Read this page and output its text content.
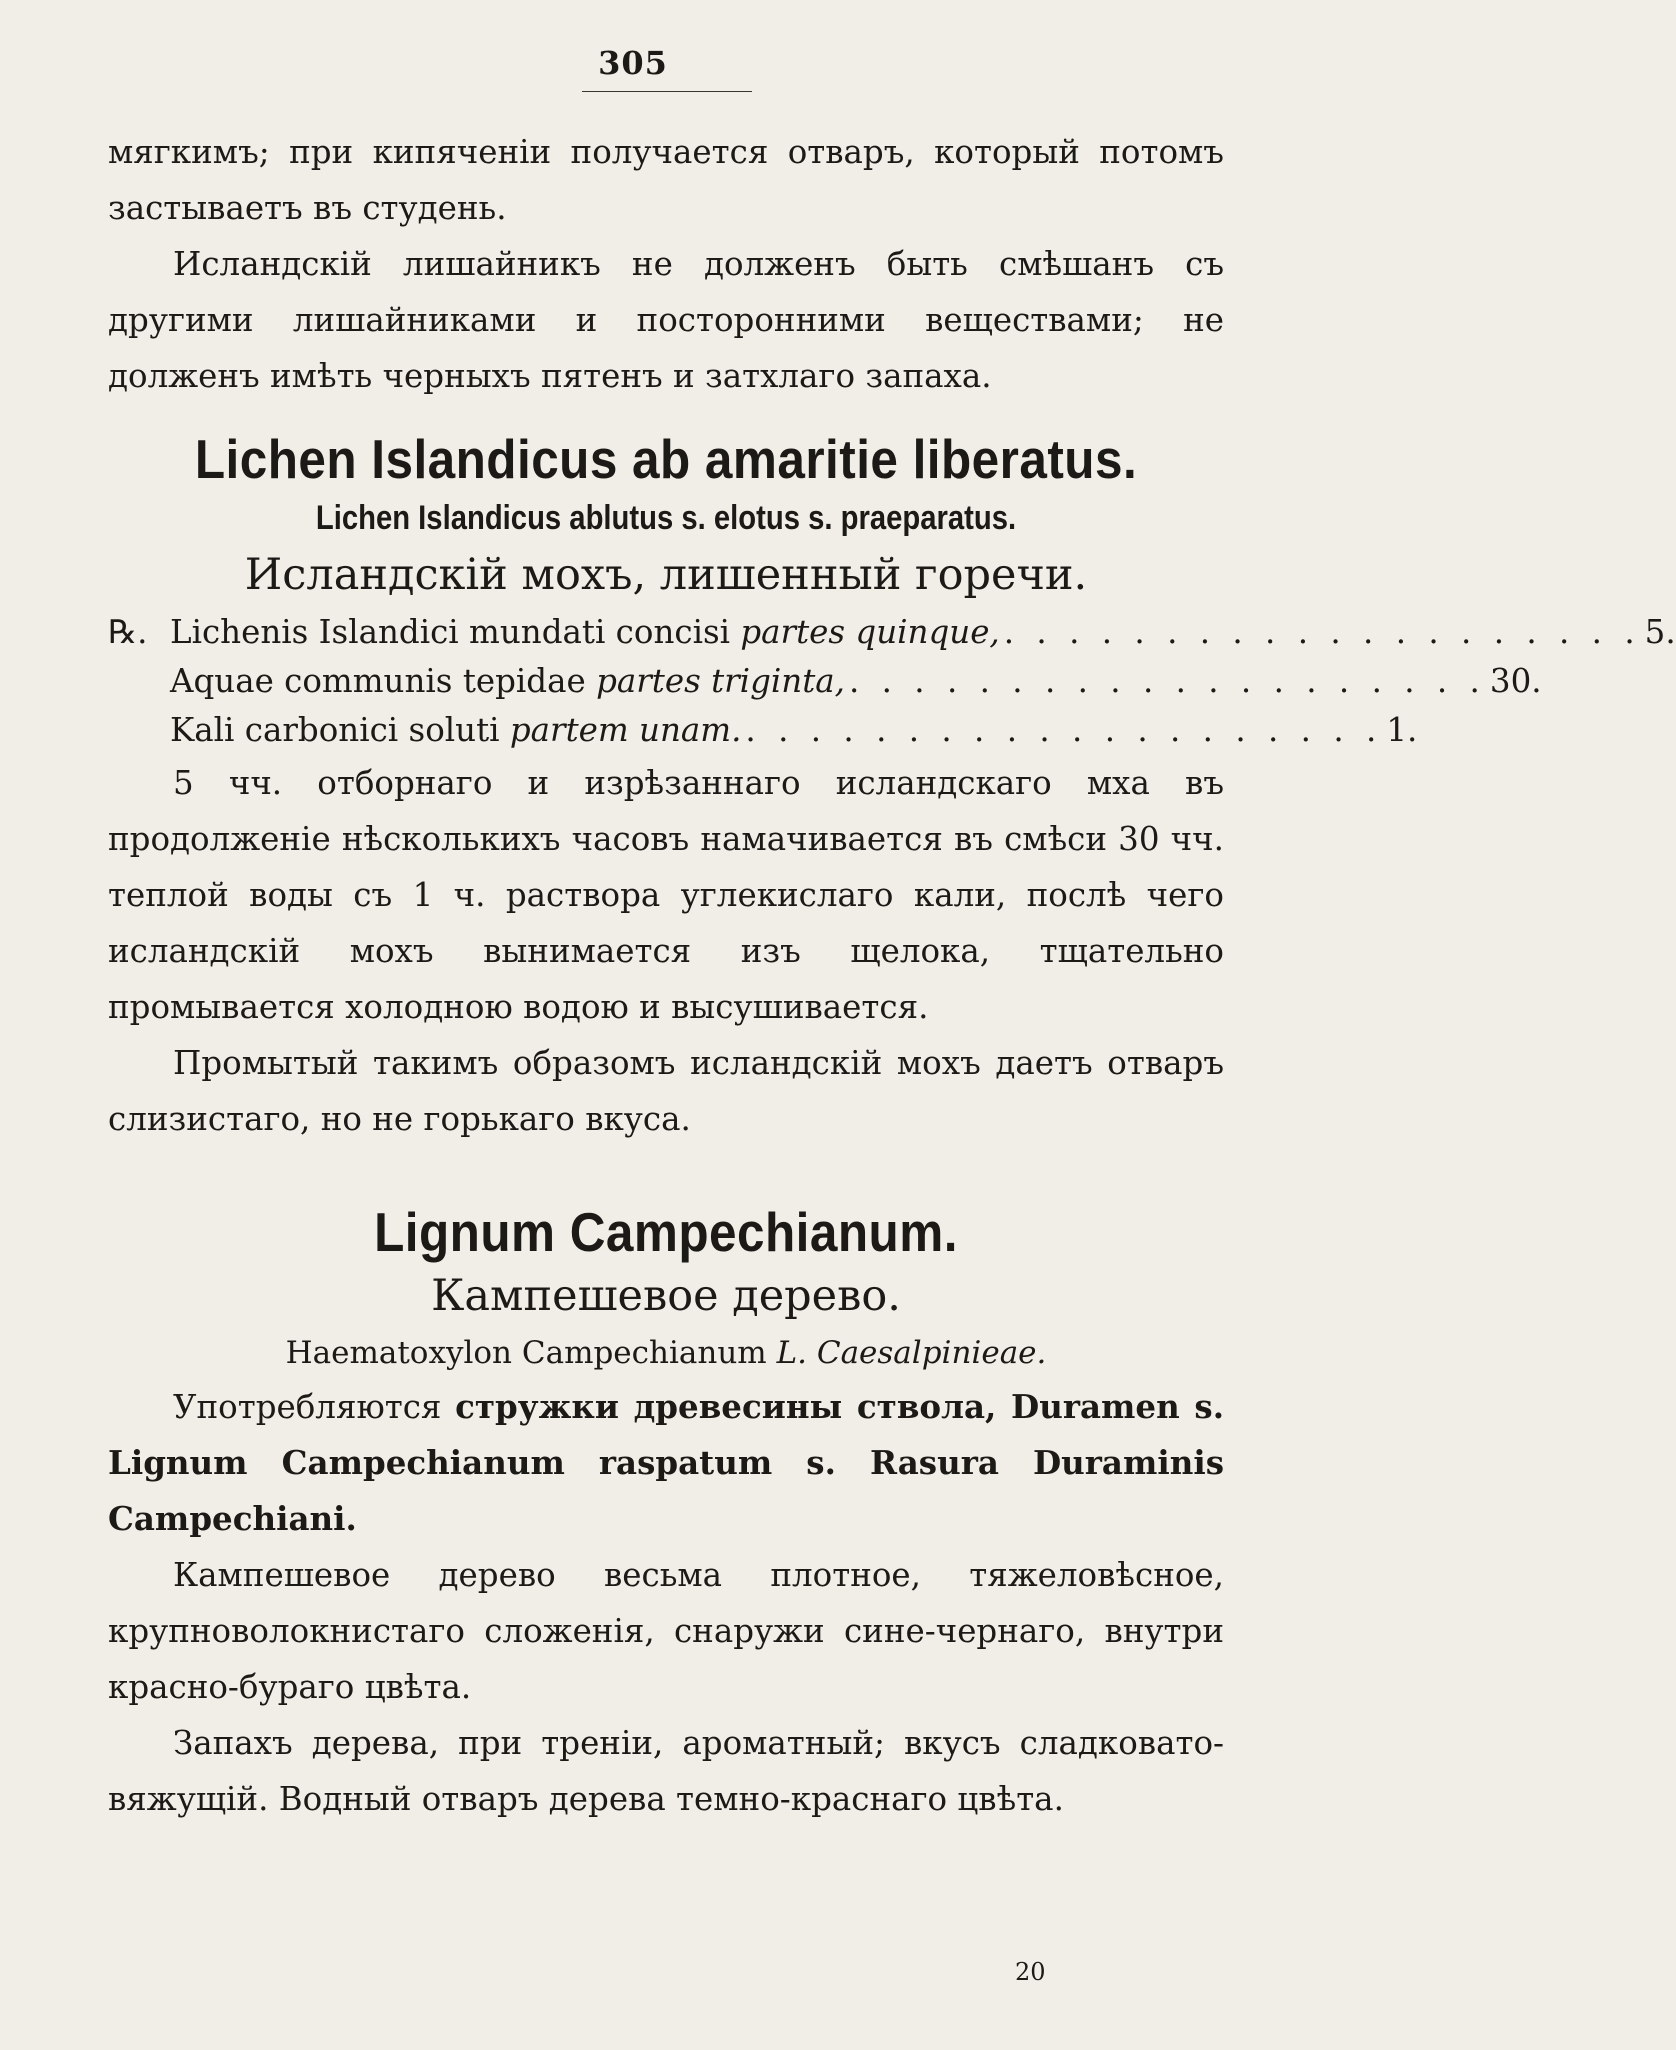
305

мягкимъ; при кипяченіи получается отваръ, который потомъ застываетъ въ студень.

Исландскій лишайникъ не долженъ быть смѣшанъ съ другими лишайниками и посторонними веществами; не долженъ имѣть черныхъ пятенъ и затхлаго запаха.

Lichen Islandicus ab amaritie liberatus.
Lichen Islandicus ablutus s. elotus s. praeparatus.
Исландскій мохъ, лишенный горечи.
℞. Lichenis Islandici mundati concisi partes quinque, . . . . . . . . . . . . . . . . . . . . 5.
Aquae communis tepidae partes triginta, . . . . . . . . . . . . . . . . . . . . 30.
Kali carbonici soluti partem unam. . . . . . . . . . . . . . . . . . . . . 1.

5 чч. отборнаго и изрѣзаннаго исландскаго мха въ продолженіе нѣсколькихъ часовъ намачивается въ смѣси 30 чч. теплой воды съ 1 ч. раствора углекислаго кали, послѣ чего исландскій мохъ вынимается изъ щелока, тщательно промывается холодною водою и высушивается.

Промытый такимъ образомъ исландскій мохъ даетъ отваръ слизистаго, но не горькаго вкуса.

Lignum Campechianum.
Кампешевое дерево.
Haematoxylon Campechianum L. Caesalpinieae.

Употребляются стружки древесины ствола, Duramen s. Lignum Campechianum raspatum s. Rasura Duraminis Campechiani.

Кампешевое дерево весьма плотное, тяжеловѣсное, крупноволокнистаго сложенія, снаружи сине-чернаго, внутри красно-бураго цвѣта.

Запахъ дерева, при треніи, ароматный; вкусъ сладковато-вяжущій. Водный отваръ дерева темно-краснаго цвѣта.

20
